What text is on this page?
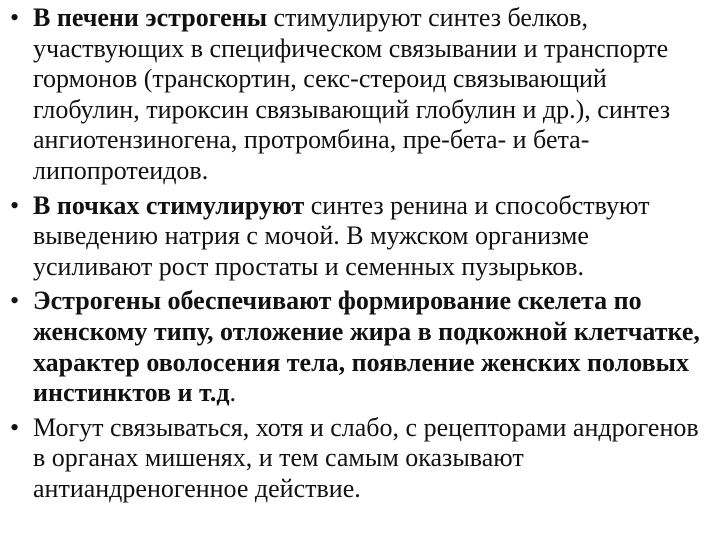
• В печени эстрогены стимулируют синтез белков, участвующих в специфическом связывании и транспорте гормонов (транскортин, секс-стероид связывающий глобулин, тироксин связывающий глобулин и др.), синтез ангиотензиногена, протромбина, пре-бета- и бета-липопротеидов.
• В почках стимулируют синтез ренина и способствуют выведению натрия с мочой. В мужском организме усиливают рост простаты и семенных пузырьков.
• Эстрогены обеспечивают формирование скелета по женскому типу, отложение жира в подкожной клетчатке, характер оволосения тела, появление женских половых инстинктов и т.д.
• Могут связываться, хотя и слабо, с рецепторами андрогенов в органах мишенях, и тем самым оказывают антиандреногенное действие.
